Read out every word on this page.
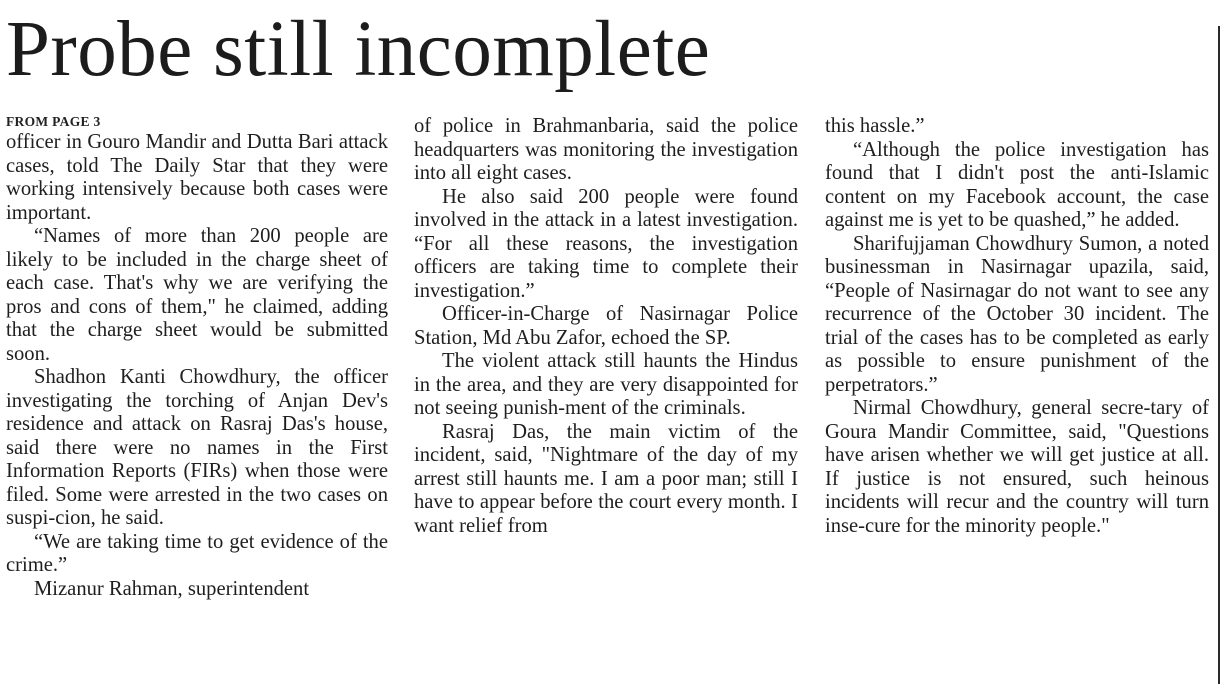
Probe still incomplete
FROM PAGE 3

officer in Gouro Mandir and Dutta Bari attack cases, told The Daily Star that they were working intensively because both cases were important.

“Names of more than 200 people are likely to be included in the charge sheet of each case. That's why we are verifying the pros and cons of them," he claimed, adding that the charge sheet would be submitted soon.

Shadhon Kanti Chowdhury, the officer investigating the torching of Anjan Dev's residence and attack on Rasraj Das's house, said there were no names in the First Information Reports (FIRs) when those were filed. Some were arrested in the two cases on suspi-cion, he said.

“We are taking time to get evidence of the crime.”

Mizanur Rahman, superintendent

of police in Brahmanbaria, said the police headquarters was monitoring the investigation into all eight cases.

He also said 200 people were found involved in the attack in a latest investigation. “For all these reasons, the investigation officers are taking time to complete their investigation.”

Officer-in-Charge of Nasirnagar Police Station, Md Abu Zafor, echoed the SP.

The violent attack still haunts the Hindus in the area, and they are very disappointed for not seeing punish-ment of the criminals.

Rasraj Das, the main victim of the incident, said, "Nightmare of the day of my arrest still haunts me. I am a poor man; still I have to appear before the court every month. I want relief from

this hassle.”

“Although the police investigation has found that I didn't post the anti-Islamic content on my Facebook account, the case against me is yet to be quashed,” he added.

Sharifujjaman Chowdhury Sumon, a noted businessman in Nasirnagar upazila, said, “People of Nasirnagar do not want to see any recurrence of the October 30 incident. The trial of the cases has to be completed as early as possible to ensure punishment of the perpetrators.”

Nirmal Chowdhury, general secre-tary of Goura Mandir Committee, said, "Questions have arisen whether we will get justice at all. If justice is not ensured, such heinous incidents will recur and the country will turn inse-cure for the minority people."
